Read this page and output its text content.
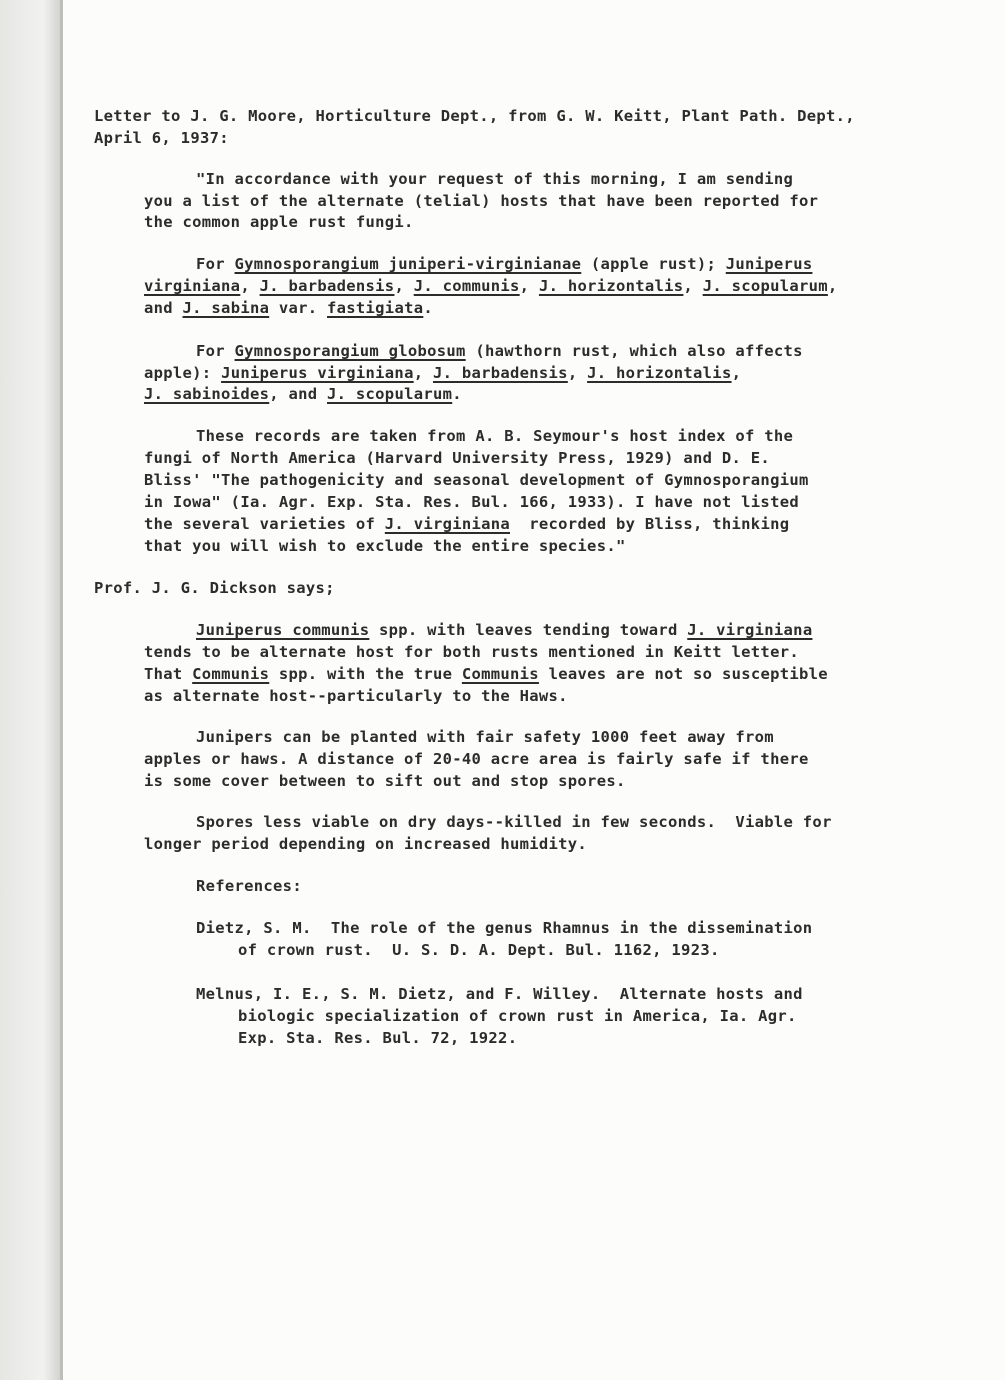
Letter to J. G. Moore, Horticulture Dept., from G. W. Keitt, Plant Path. Dept.,
April 6, 1937:
"In accordance with your request of this morning, I am sending
you a list of the alternate (telial) hosts that have been reported for
the common apple rust fungi.
For Gymnosporangium juniperi-virginianae (apple rust); Juniperus
virginiana, J. barbadensis, J. communis, J. horizontalis, J. scopularum,
and J. sabina var. fastigiata.
For Gymnosporangium globosum (hawthorn rust, which also affects
apple): Juniperus virginiana, J. barbadensis, J. horizontalis,
J. sabinoides, and J. scopularum.
These records are taken from A. B. Seymour's host index of the
fungi of North America (Harvard University Press, 1929) and D. E.
Bliss' "The pathogenicity and seasonal development of Gymnosporangium
in Iowa" (Ia. Agr. Exp. Sta. Res. Bul. 166, 1933). I have not listed
the several varieties of J. virginiana  recorded by Bliss, thinking
that you will wish to exclude the entire species."
Prof. J. G. Dickson says;
Juniperus communis spp. with leaves tending toward J. virginiana
tends to be alternate host for both rusts mentioned in Keitt letter.
That Communis spp. with the true Communis leaves are not so susceptible
as alternate host--particularly to the Haws.
Junipers can be planted with fair safety 1000 feet away from
apples or haws. A distance of 20-40 acre area is fairly safe if there
is some cover between to sift out and stop spores.
Spores less viable on dry days--killed in few seconds.  Viable for
longer period depending on increased humidity.
References:
Dietz, S. M.  The role of the genus Rhamnus in the dissemination
of crown rust.  U. S. D. A. Dept. Bul. 1162, 1923.
Melnus, I. E., S. M. Dietz, and F. Willey.  Alternate hosts and
biologic specialization of crown rust in America, Ia. Agr.
Exp. Sta. Res. Bul. 72, 1922.
